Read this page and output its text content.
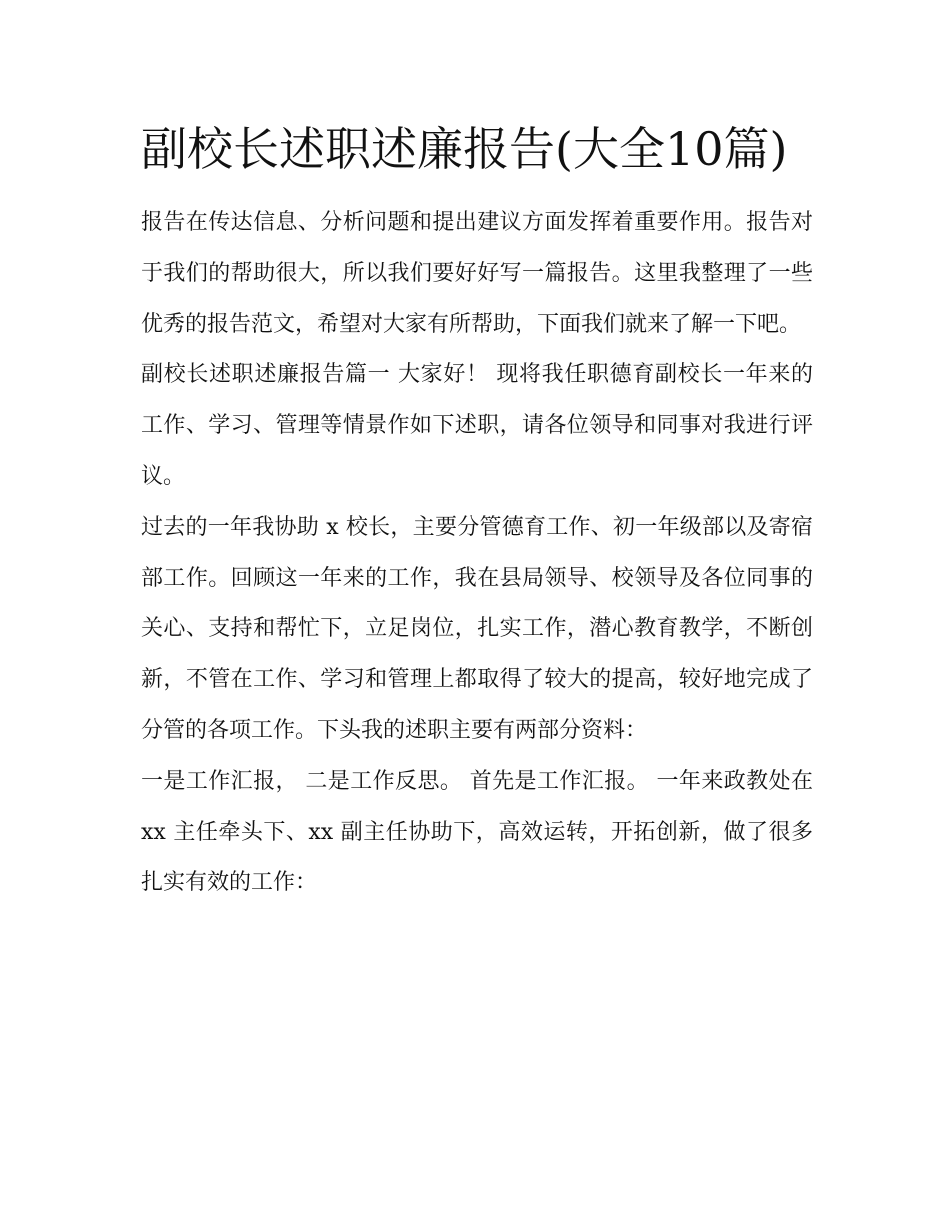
副校长述职述廉报告(大全10篇)

报告在传达信息、分析问题和提出建议方面发挥着重要作用。报告对于我们的帮助很大，所以我们要好好写一篇报告。这里我整理了一些优秀的报告范文，希望对大家有所帮助，下面我们就来了解一下吧。

副校长述职述廉报告篇一 大家好！ 现将我任职德育副校长一年来的工作、学习、管理等情景作如下述职，请各位领导和同事对我进行评议。

过去的一年我协助 x 校长，主要分管德育工作、初一年级部以及寄宿部工作。回顾这一年来的工作，我在县局领导、校领导及各位同事的关心、支持和帮忙下，立足岗位，扎实工作，潜心教育教学，不断创新，不管在工作、学习和管理上都取得了较大的提高，较好地完成了分管的各项工作。下头我的述职主要有两部分资料：

一是工作汇报， 二是工作反思。 首先是工作汇报。 一年来政教处在 xx 主任牵头下、xx 副主任协助下，高效运转，开拓创新，做了很多扎实有效的工作：
